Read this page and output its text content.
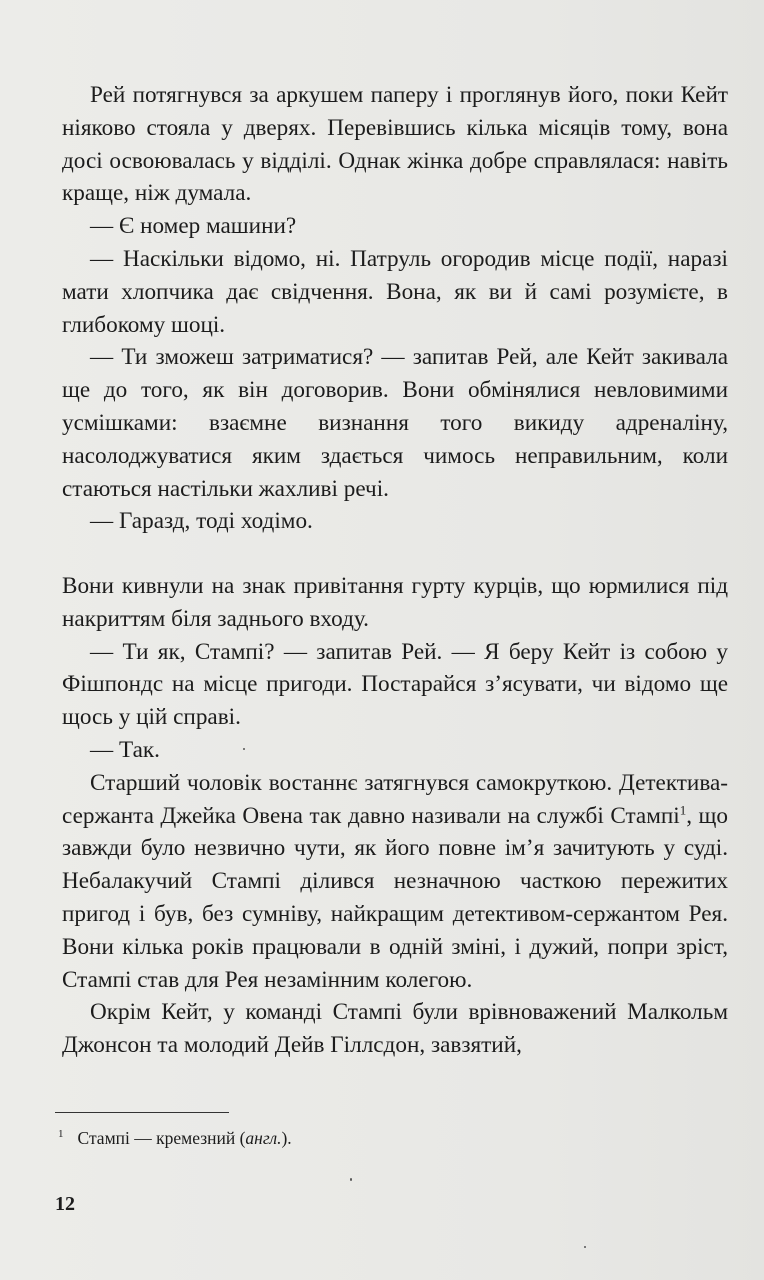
Рей потягнувся за аркушем паперу і проглянув його, поки Кейт ніяково стояла у дверях. Перевівшись кілька місяців тому, вона досі освоювалась у відділі. Однак жінка добре справлялася: навіть краще, ніж думала.

— Є номер машини?

— Наскільки відомо, ні. Патруль огородив місце події, наразі мати хлопчика дає свідчення. Вона, як ви й самі розумієте, в глибокому шоці.

— Ти зможеш затриматися? — запитав Рей, але Кейт закивала ще до того, як він договорив. Вони обмінялися невловимими усмішками: взаємне визнання того викиду адреналіну, насолоджуватися яким здається чимось неправильним, коли стаються настільки жахливі речі.

— Гаразд, тоді ходімо.

Вони кивнули на знак привітання гурту курців, що юрмилися під накриттям біля заднього входу.

— Ти як, Стампі? — запитав Рей. — Я беру Кейт із собою у Фішпондс на місце пригоди. Постарайся з’ясувати, чи відомо ще щось у цій справі.

— Так.

Старший чоловік востаннє затягнувся самокруткою. Детектива-сержанта Джейка Овена так давно називали на службі Стампі$^1$, що завжди було незвично чути, як його повне ім’я зачитують у суді. Небалакучий Стампі ділився незначною часткою пережитих пригод і був, без сумніву, найкращим детективом-сержантом Рея. Вони кілька років працювали в одній зміні, і дужий, попри зріст, Стампі став для Рея незамінним колегою.

Окрім Кейт, у команді Стампі були врівноважений Малкольм Джонсон та молодий Дейв Гіллсдон, завзятий,

$^1$ Стампі — кремезний (англ.).
12
